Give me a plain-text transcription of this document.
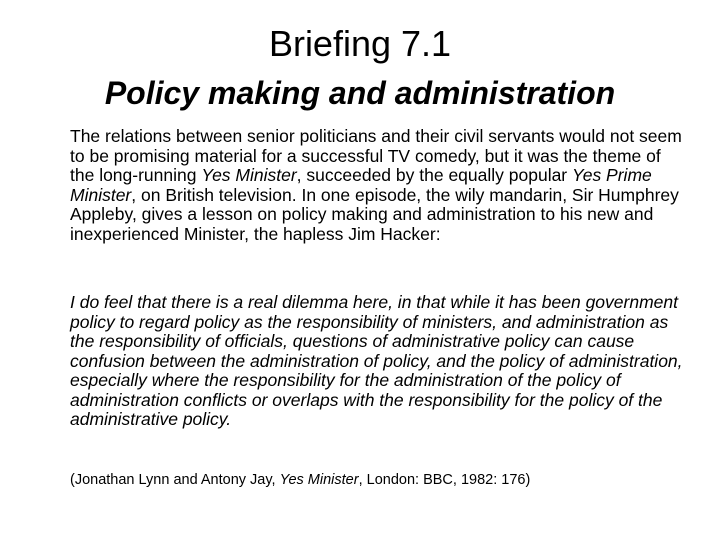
Briefing 7.1
Policy making and administration

The relations between senior politicians and their civil servants would not seem to be promising material for a successful TV comedy, but it was the theme of the long-running Yes Minister, succeeded by the equally popular Yes Prime Minister, on British television. In one episode, the wily mandarin, Sir Humphrey Appleby, gives a lesson on policy making and administration to his new and inexperienced Minister, the hapless Jim Hacker:

I do feel that there is a real dilemma here, in that while it has been government policy to regard policy as the responsibility of ministers, and administration as the responsibility of officials, questions of administrative policy can cause confusion between the administration of policy, and the policy of administration, especially where the responsibility for the administration of the policy of administration conflicts or overlaps with the responsibility for the policy of the administrative policy.

(Jonathan Lynn and Antony Jay, Yes Minister, London: BBC, 1982: 176)
